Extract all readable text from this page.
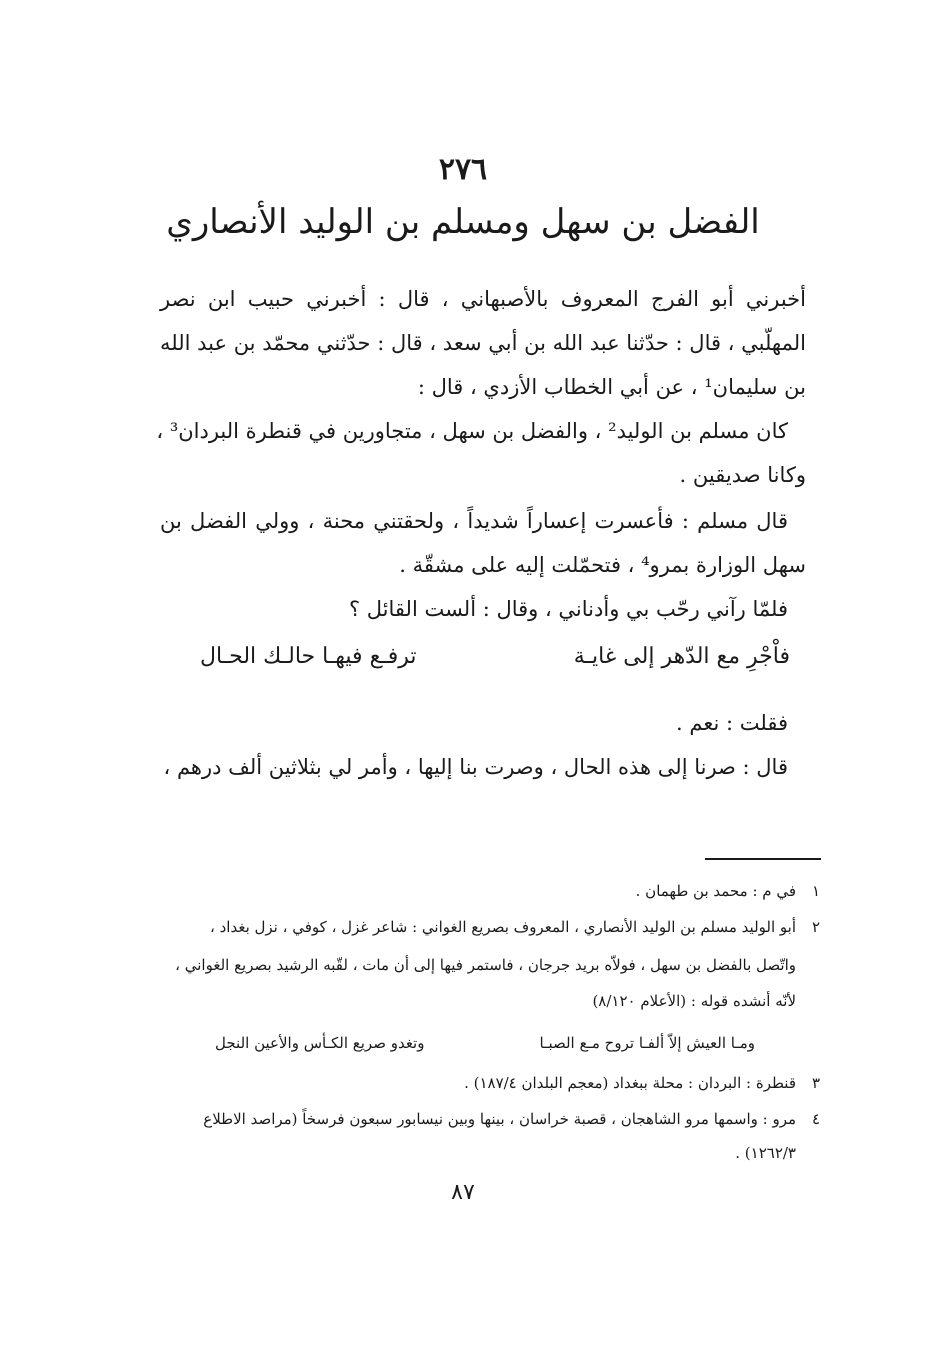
٢٧٦
الفضل بن سهل ومسلم بن الوليد الأنصاري
أخبرني أبو الفرج المعروف بالأصبهاني ، قال : أخبرني حبيب ابن نصر
المهلّبي ، قال : حدّثنا عبد الله بن أبي سعد ، قال : حدّثني محمّد بن عبد الله
بن سليمان¹ ، عن أبي الخطاب الأزدي ، قال :
كان مسلم بن الوليد² ، والفضل بن سهل ، متجاورين في قنطرة البردان³ ،
وكانا صديقين .
قال مسلم : فأعسرت إعساراً شديداً ، ولحقتني محنة ، وولي الفضل بن
سهل الوزارة بمرو⁴ ، فتحمّلت إليه على مشقّة .
فلمّا رآني رحّب بي وأدناني ، وقال : ألست القائل ؟
فاْجْرِ مع الدّهر إلى غايـة
ترفـع فيهـا حالـك الحـال
فقلت : نعم .
قال : صرنا إلى هذه الحال ، وصرت بنا إليها ، وأمر لي بثلاثين ألف درهم ،
١
في م : محمد بن طهمان .
٢
أبو الوليد مسلم بن الوليد الأنصاري ، المعروف بصريع الغواني : شاعر غزل ، كوفي ، نزل بغداد ،
واتّصل بالفضل بن سهل ، فولاّه بريد جرجان ، فاستمر فيها إلى أن مات ، لقّبه الرشيد بصريع الغواني ،
لأنّه أنشده قوله : (الأعلام ٨/١٢٠)
ومـا العيش إلاّ ألفـا تروح مـع الصبـا
وتغدو صريع الكـأس والأعين النجل
٣
قنطرة : البردان : محلة ببغداد (معجم البلدان ١٨٧/٤) .
٤
مرو : واسمها مرو الشاهجان ، قصبة خراسان ، بينها وبين نيسابور سبعون فرسخاً (مراصد الاطلاع
١٢٦٢/٣) .
٨٧
